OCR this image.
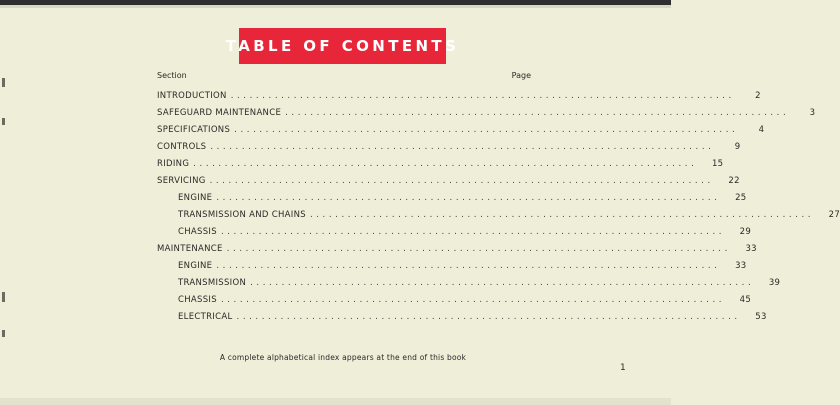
TABLE OF CONTENTS
Section	Page
INTRODUCTION ................................................................................	2
SAFEGUARD MAINTENANCE ................................................................................	3
SPECIFICATIONS ................................................................................	4
CONTROLS ................................................................................	9
RIDING ................................................................................	15
SERVICING ................................................................................	22
ENGINE ................................................................................	25
TRANSMISSION AND CHAINS ................................................................................	27
CHASSIS ................................................................................	29
MAINTENANCE ................................................................................	33
ENGINE ................................................................................	33
TRANSMISSION ................................................................................	39
CHASSIS ................................................................................	45
ELECTRICAL ................................................................................	53
A complete alphabetical index appears at the end of this book
1
